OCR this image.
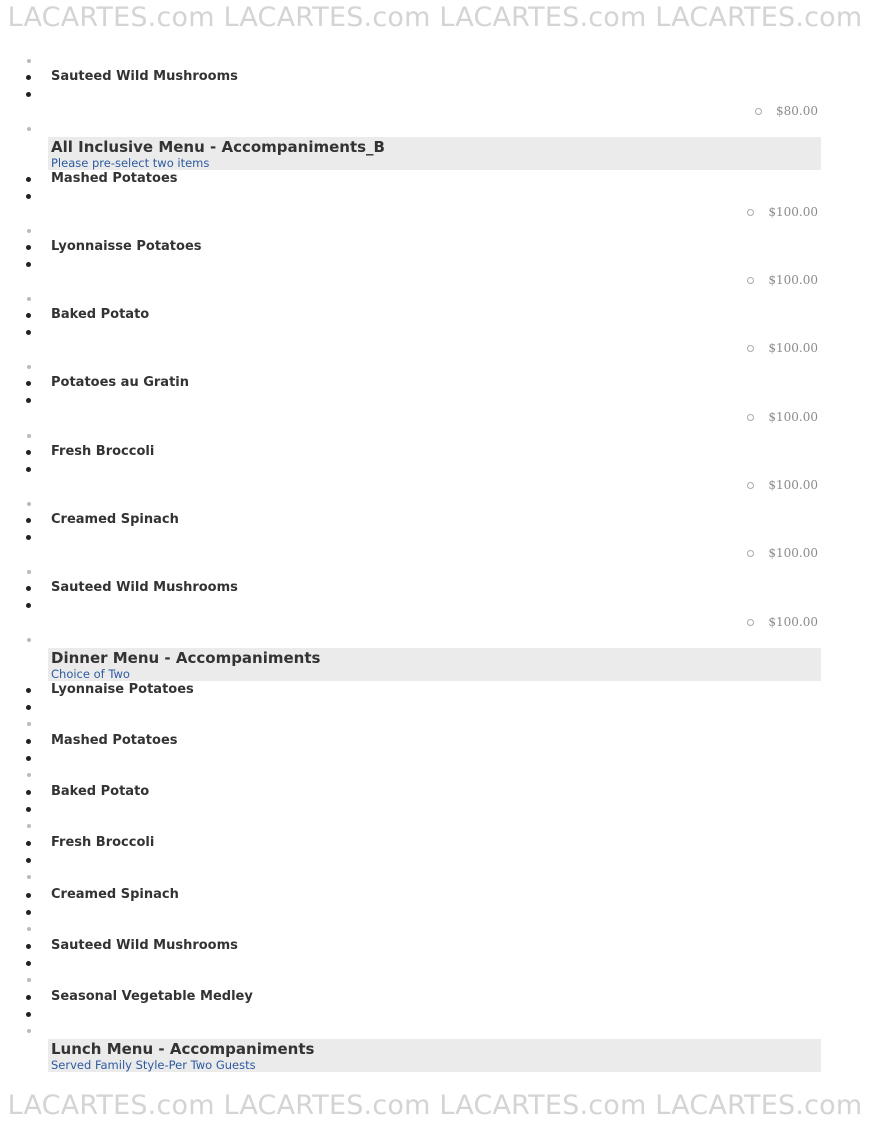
LACARTES.com LACARTES.com LACARTES.com LACARTES.com
Sauteed Wild Mushrooms
$80.00
All Inclusive Menu - Accompaniments_B
Please pre-select two items
Mashed Potatoes
$100.00
Lyonnaisse Potatoes
$100.00
Baked Potato
$100.00
Potatoes au Gratin
$100.00
Fresh Broccoli
$100.00
Creamed Spinach
$100.00
Sauteed Wild Mushrooms
$100.00
Dinner Menu - Accompaniments
Choice of Two
Lyonnaise Potatoes
Mashed Potatoes
Baked Potato
Fresh Broccoli
Creamed Spinach
Sauteed Wild Mushrooms
Seasonal Vegetable Medley
Lunch Menu - Accompaniments
Served Family Style-Per Two Guests
LACARTES.com LACARTES.com LACARTES.com LACARTES.com
